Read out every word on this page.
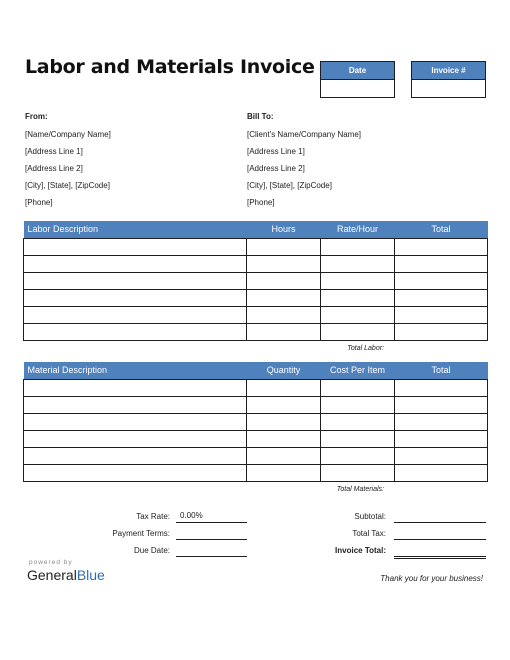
Labor and Materials Invoice	Date	Invoice #
From:
[Name/Company Name]
[Address Line 1]
[Address Line 2]
[City], [State], [ZipCode]
[Phone]
Bill To:
[Client's Name/Company Name]
[Address Line 1]
[Address Line 2]
[City], [State], [ZipCode]
[Phone]
Labor Description	Hours	Rate/Hour	Total

Total Labor:
Material Description	Quantity	Cost Per Item	Total

Total Materials:
Tax Rate:	0.00%
Payment Terms:
Due Date:
Subtotal:
Total Tax:
Invoice Total:
powered by
GeneralBlue	Thank you for your business!
